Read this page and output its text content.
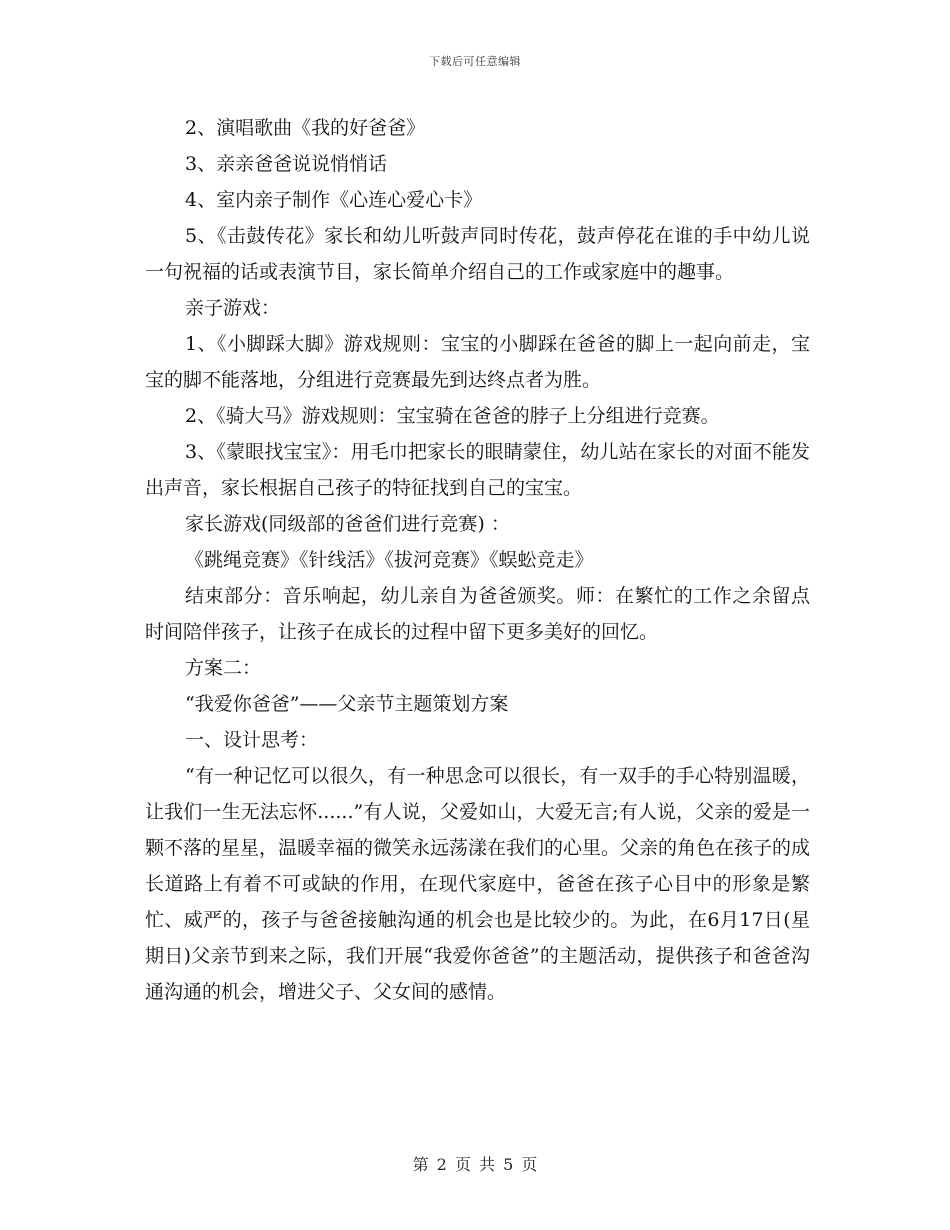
下载后可任意编辑

2、演唱歌曲《我的好爸爸》

3、亲亲爸爸说说悄悄话

4、室内亲子制作《心连心爱心卡》

5、《击鼓传花》家长和幼儿听鼓声同时传花，鼓声停花在谁的手中幼儿说一句祝福的话或表演节目，家长简单介绍自己的工作或家庭中的趣事。

亲子游戏：

1、《小脚踩大脚》游戏规则：宝宝的小脚踩在爸爸的脚上一起向前走，宝宝的脚不能落地，分组进行竞赛最先到达终点者为胜。

2、《骑大马》游戏规则：宝宝骑在爸爸的脖子上分组进行竞赛。

3、《蒙眼找宝宝》：用毛巾把家长的眼睛蒙住，幼儿站在家长的对面不能发出声音，家长根据自己孩子的特征找到自己的宝宝。

家长游戏(同级部的爸爸们进行竞赛) ：

《跳绳竞赛》《针线活》《拔河竞赛》《蜈蚣竞走》

结束部分：音乐响起，幼儿亲自为爸爸颁奖。师：在繁忙的工作之余留点时间陪伴孩子，让孩子在成长的过程中留下更多美好的回忆。

方案二：

“我爱你爸爸”——父亲节主题策划方案

一、设计思考：

“有一种记忆可以很久，有一种思念可以很长，有一双手的手心特别温暖，让我们一生无法忘怀......”有人说，父爱如山，大爱无言;有人说，父亲的爱是一颗不落的星星，温暖幸福的微笑永远荡漾在我们的心里。父亲的角色在孩子的成长道路上有着不可或缺的作用，在现代家庭中，爸爸在孩子心目中的形象是繁忙、威严的，孩子与爸爸接触沟通的机会也是比较少的。为此，在6月17日(星期日)父亲节到来之际，我们开展“我爱你爸爸”的主题活动，提供孩子和爸爸沟通沟通的机会，增进父子、父女间的感情。

第 2 页 共 5 页
